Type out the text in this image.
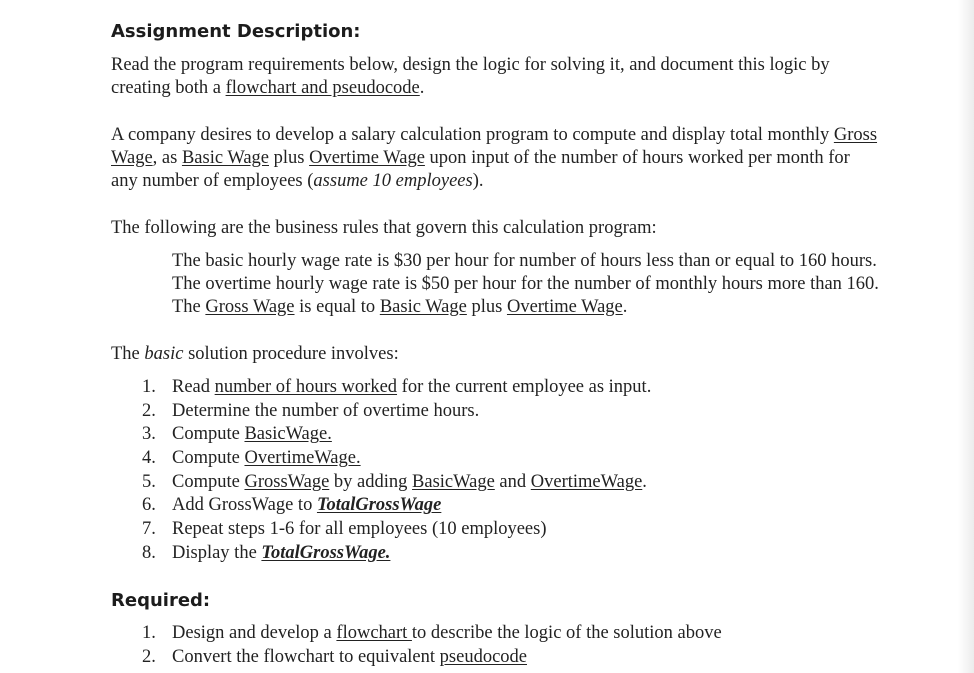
Assignment Description:

Read the program requirements below, design the logic for solving it, and document this logic by

creating both a flowchart and pseudocode.

A company desires to develop a salary calculation program to compute and display total monthly Gross

Wage, as Basic Wage plus Overtime Wage upon input of the number of hours worked per month for

any number of employees (assume 10 employees).

The following are the business rules that govern this calculation program:

The basic hourly wage rate is $30 per hour for number of hours less than or equal to 160 hours.

The overtime hourly wage rate is $50 per hour for the number of monthly hours more than 160.

The Gross Wage is equal to Basic Wage plus Overtime Wage.

The basic solution procedure involves:

1. Read number of hours worked for the current employee as input.
2. Determine the number of overtime hours.
3. Compute BasicWage.
4. Compute OvertimeWage.
5. Compute GrossWage by adding BasicWage and OvertimeWage.
6. Add GrossWage to TotalGrossWage
7. Repeat steps 1-6 for all employees (10 employees)
8. Display the TotalGrossWage.
Required:
1. Design and develop a flowchart to describe the logic of the solution above
2. Convert the flowchart to equivalent pseudocode
